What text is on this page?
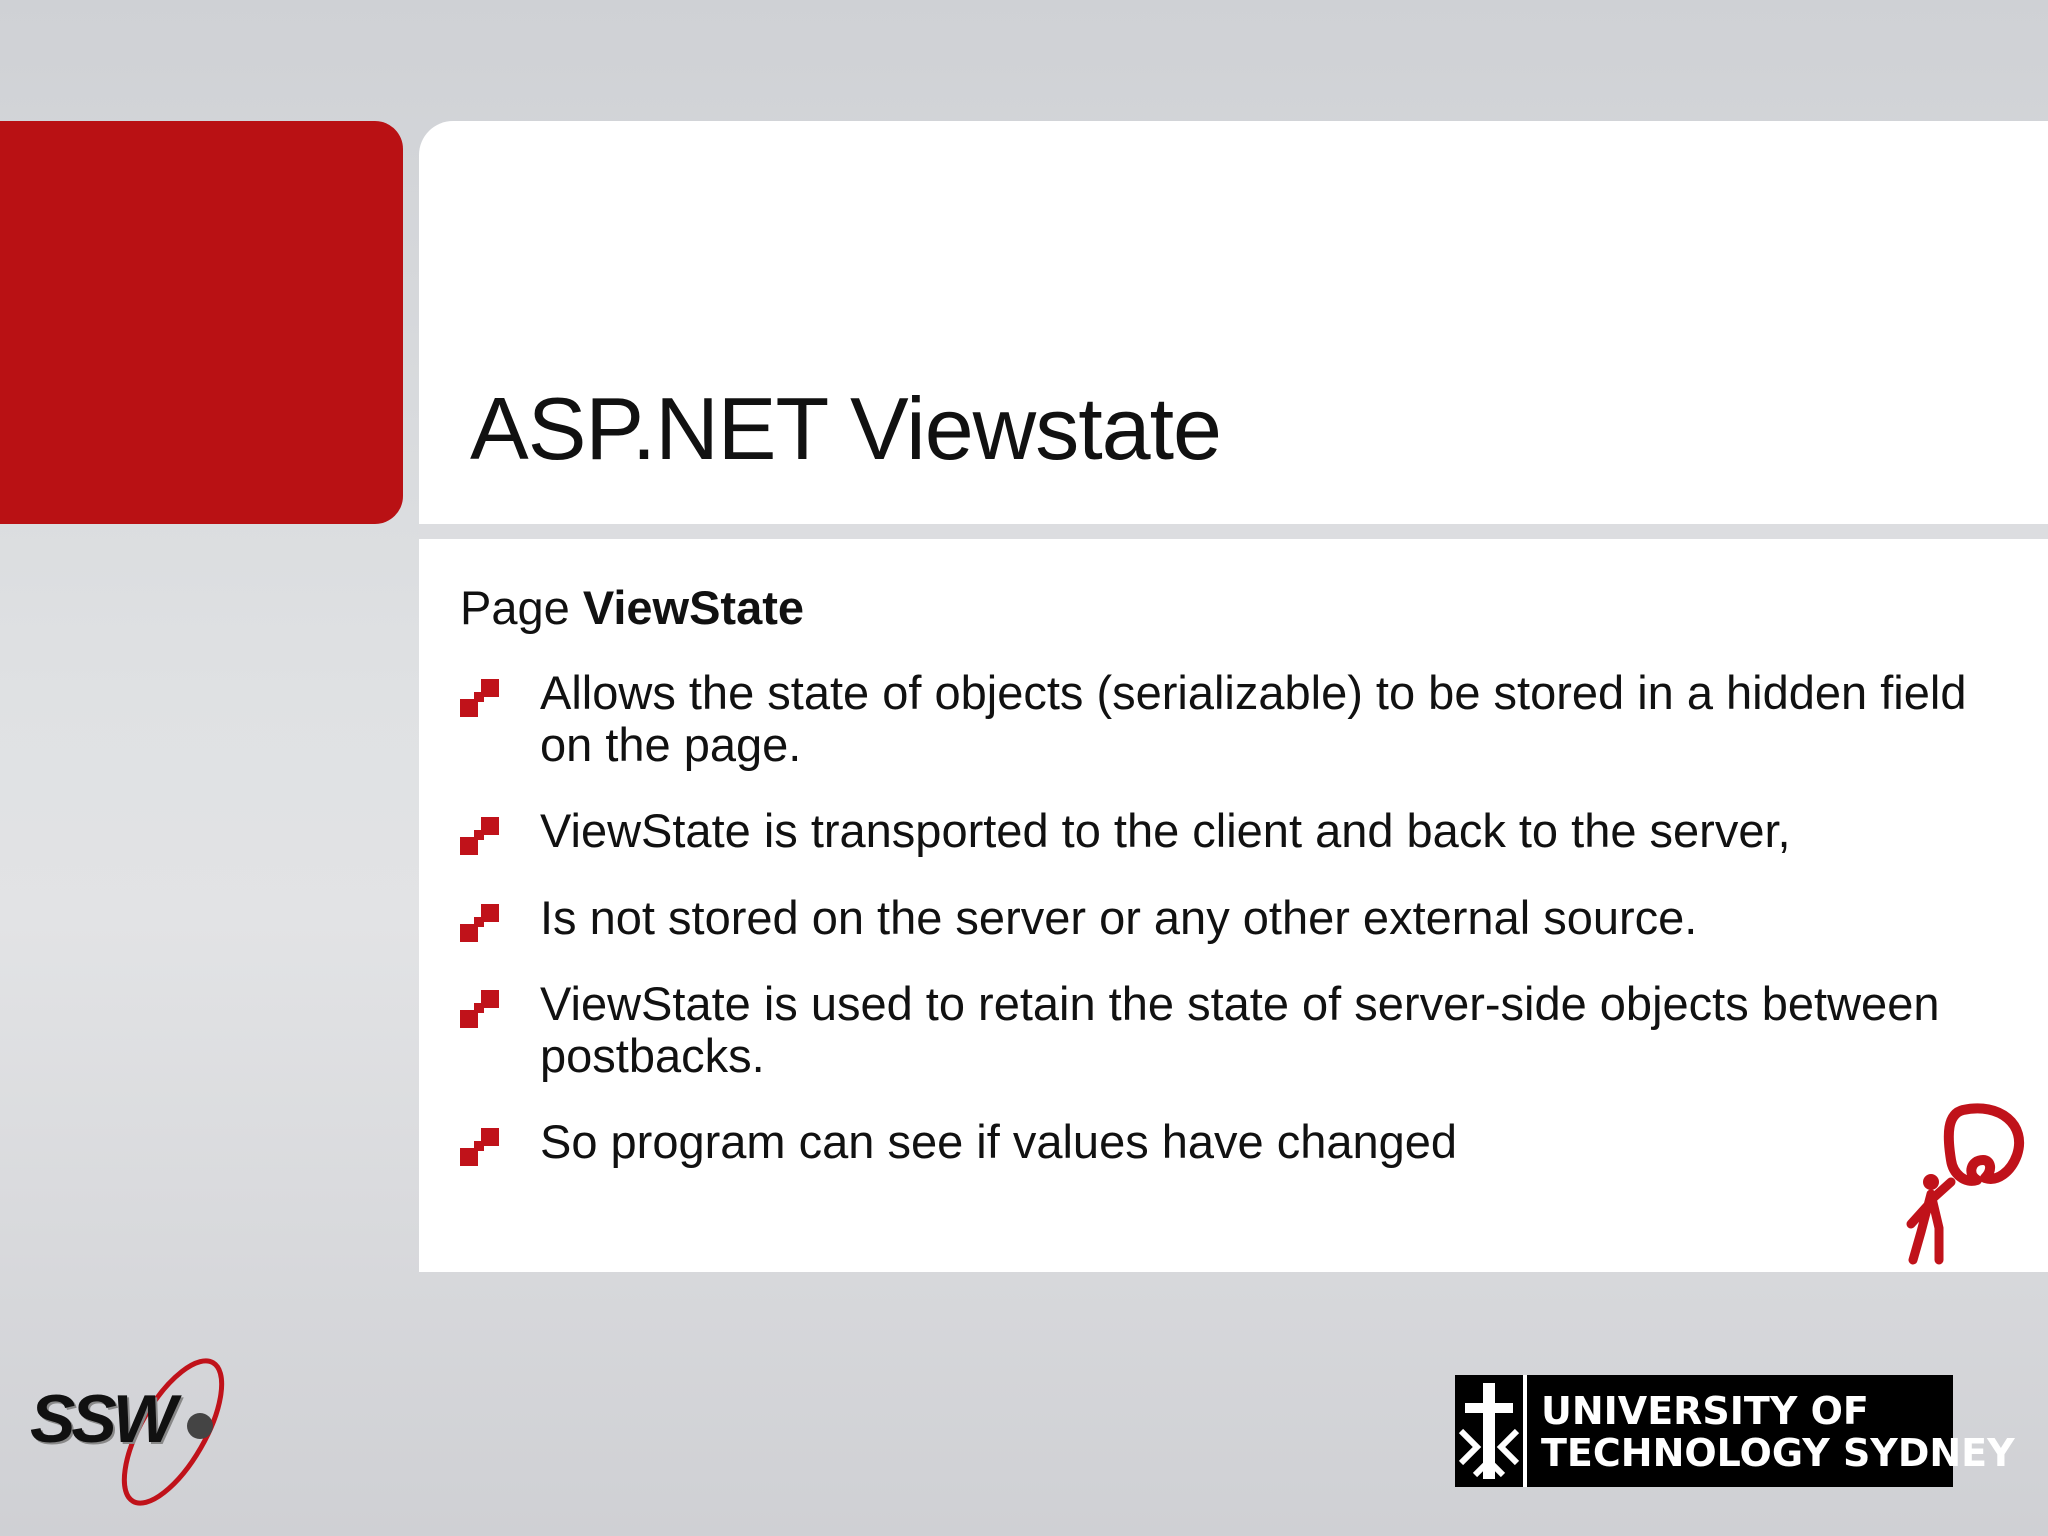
ASP.NET Viewstate
Page ViewState
Allows the state of objects (serializable) to be stored in a hidden field on the page.
ViewState is transported to the client and back to the server,
Is not stored on the server or any other external source.
ViewState is used to retain the state of server-side objects between postbacks.
So program can see if values have changed
SSW	UNIVERSITY OF
TECHNOLOGY SYDNEY
